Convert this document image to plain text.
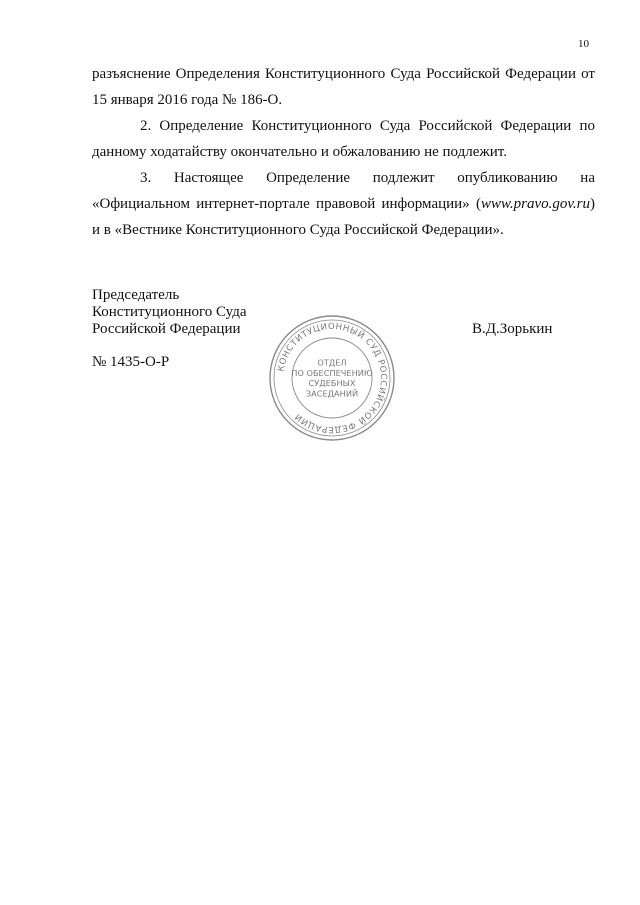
10

разъяснение Определения Конституционного Суда Российской Федерации от 15 января 2016 года № 186-О.

2. Определение Конституционного Суда Российской Федерации по данному ходатайству окончательно и обжалованию не подлежит.

3. Настоящее Определение подлежит опубликованию на «Официальном интернет-портале правовой информации» (www.pravo.gov.ru) и в «Вестнике Конституционного Суда Российской Федерации».

Председатель
Конституционного Суда
Российской Федерации	В.Д.Зорькин
№ 1435-О-Р	КОНСТИТУЦИОННЫЙ СУД РОССИЙСКОЙ ФЕДЕРАЦИИ
ОТДЕЛ
ПО ОБЕСПЕЧЕНИЮ
СУДЕБНЫХ
ЗАСЕДАНИЙ
